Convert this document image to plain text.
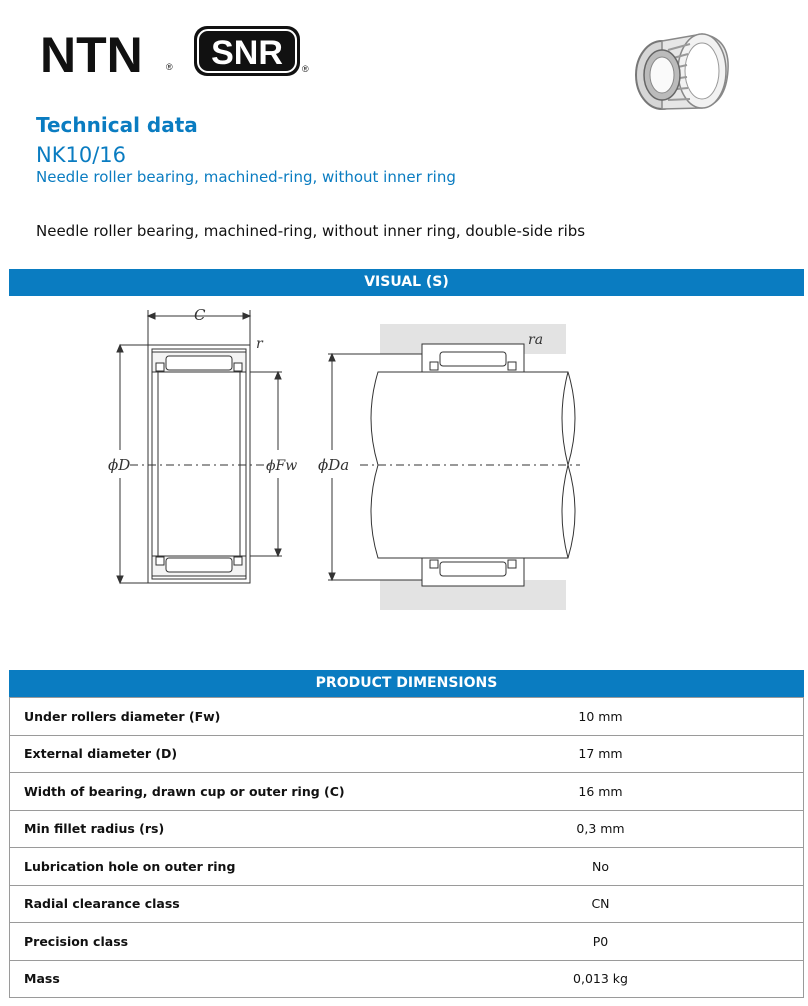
NTN	® SNR ®
Technical data
NK10/16
Needle roller bearing, machined-ring, without inner ring
Needle roller bearing, machined-ring, without inner ring, double-side ribs
VISUAL (S)
C
r
ϕD	ϕFw
ra
ϕDa
PRODUCT DIMENSIONS
Under rollers diameter (Fw)	10 mm
External diameter (D)	17 mm
Width of bearing, drawn cup or outer ring (C)	16 mm
Min fillet radius (rs)	0,3 mm
Lubrication hole on outer ring	No
Radial clearance class	CN
Precision class	P0
Mass	0,013 kg
